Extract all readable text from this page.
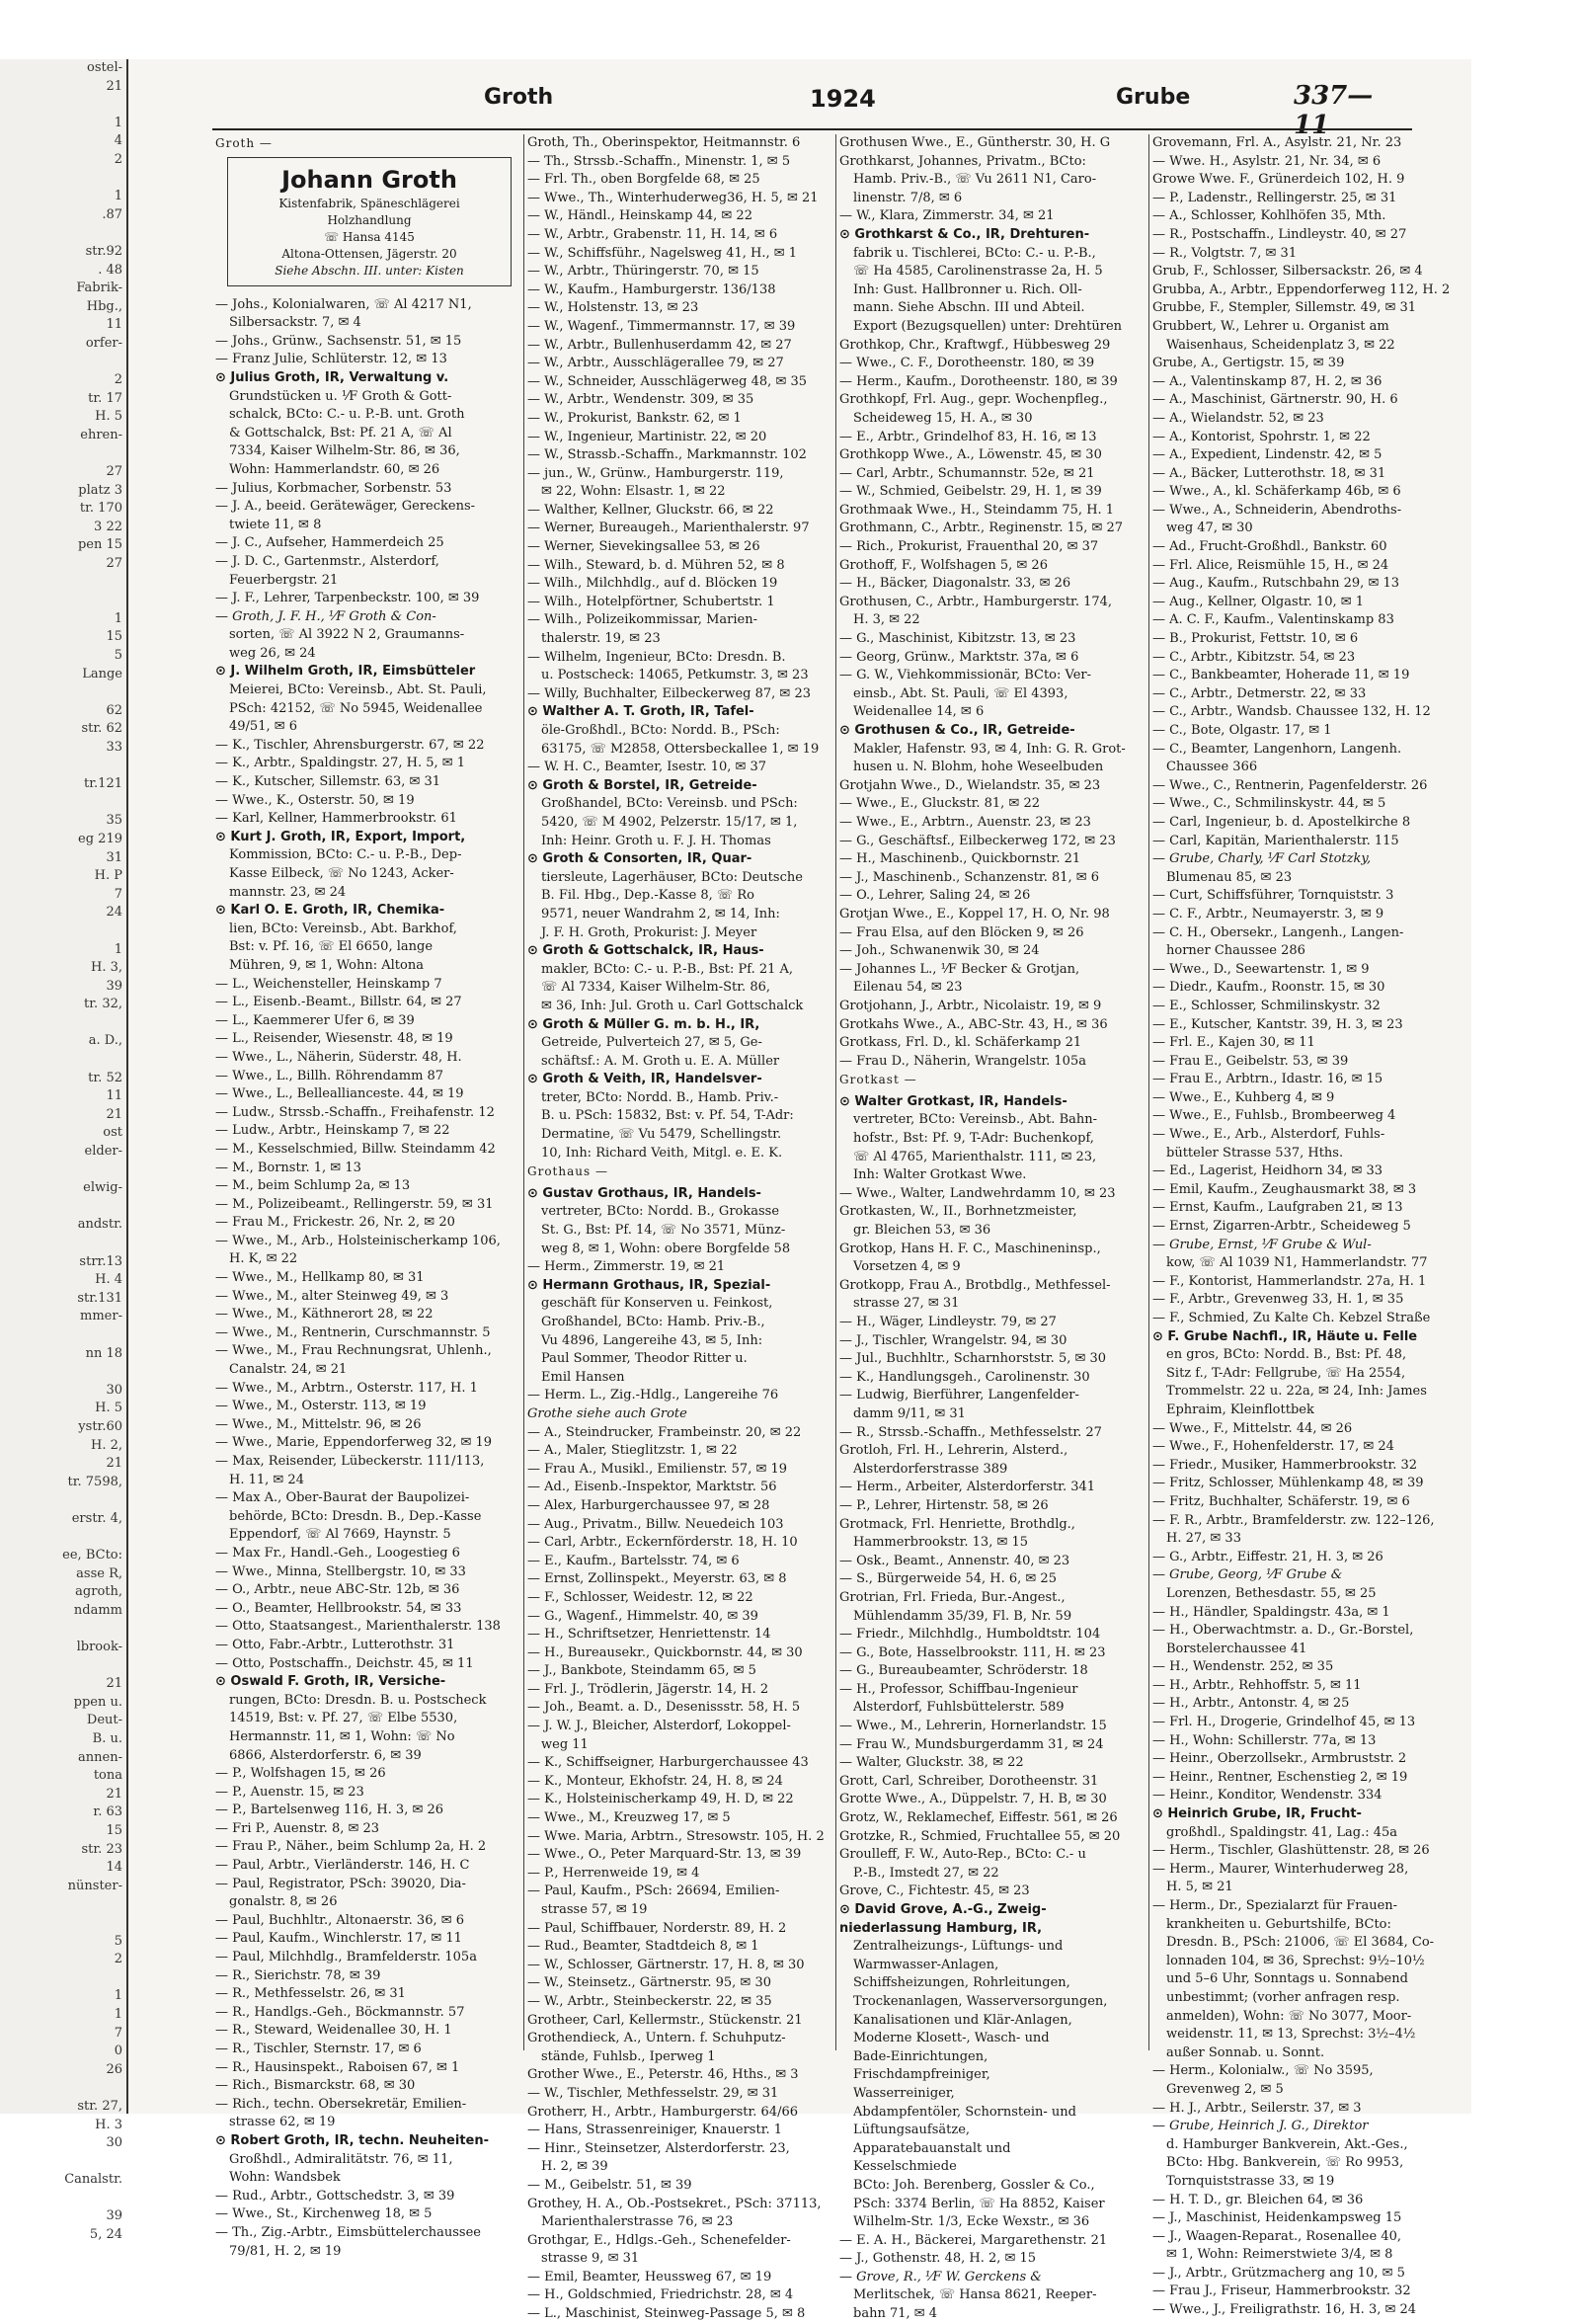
ostel-
21

1
4
2

1
.87

str.92
. 48
Fabrik-
Hbg.,
11
orfer-

2
tr. 17
H. 5
ehren-

27
platz 3
tr. 170
3 22
pen 15
27

1
15
5
Lange

62
str. 62
33

tr.121

35
eg 219
31
H. P
7
24

1
H. 3,
39
tr. 32,

a. D.,

tr. 52
11
21
ost
elder-

elwig-

andstr.

strr.13
H. 4
str.131
mmer-

nn 18

30
H. 5
ystr.60
H. 2,
21
tr. 7598,

erstr. 4,

ee, BCto:
asse R,
agroth,
ndamm

lbrook-

21
ppen u.
Deut-
B. u.
annen-
tona
21
r. 63
15
str. 23
14
nünster-

5
2

1
1
7
0
26

str. 27,
H. 3
30

Canalstr.

39
5, 24
Groth	1924	Grube	337—11
Groth —
Johann Groth
Kistenfabrik, Späneschlägerei
Holzhandlung
☏ Hansa 4145
Altona-Ottensen, Jägerstr. 20
Siehe Abschn. III. unter: Kisten
— Johs., Kolonialwaren, ☏ Al 4217 N1,
Silbersackstr. 7, ✉ 4
— Johs., Grünw., Sachsenstr. 51, ✉ 15
— Franz Julie, Schlüterstr. 12, ✉ 13
⊙ Julius Groth, IR, Verwaltung v.
Grundstücken u. ⅟F Groth & Gott-
schalck, BCto: C.- u. P.-B. unt. Groth
& Gottschalck, Bst: Pf. 21 A, ☏ Al
7334, Kaiser Wilhelm-Str. 86, ✉ 36,
Wohn: Hammerlandstr. 60, ✉ 26
— Julius, Korbmacher, Sorbenstr. 53
— J. A., beeid. Gerätewäger, Gereckens-
twiete 11, ✉ 8
— J. C., Aufseher, Hammerdeich 25
— J. D. C., Gartenmstr., Alsterdorf,
Feuerbergstr. 21
— J. F., Lehrer, Tarpenbeckstr. 100, ✉ 39
— Groth, J. F. H., ⅟F Groth & Con-
sorten, ☏ Al 3922 N 2, Graumanns-
weg 26, ✉ 24
⊙ J. Wilhelm Groth, IR, Eimsbütteler
Meierei, BCto: Vereinsb., Abt. St. Pauli,
PSch: 42152, ☏ No 5945, Weidenallee
49/51, ✉ 6
— K., Tischler, Ahrensburgerstr. 67, ✉ 22
— K., Arbtr., Spaldingstr. 27, H. 5, ✉ 1
— K., Kutscher, Sillemstr. 63, ✉ 31
— Wwe., K., Osterstr. 50, ✉ 19
— Karl, Kellner, Hammerbrookstr. 61
⊙ Kurt J. Groth, IR, Export, Import,
Kommission, BCto: C.- u. P.-B., Dep-
Kasse Eilbeck, ☏ No 1243, Acker-
mannstr. 23, ✉ 24
⊙ Karl O. E. Groth, IR, Chemika-
lien, BCto: Vereinsb., Abt. Barkhof,
Bst: v. Pf. 16, ☏ El 6650, lange
Mühren, 9, ✉ 1, Wohn: Altona
— L., Weichensteller, Heinskamp 7
— L., Eisenb.-Beamt., Billstr. 64, ✉ 27
— L., Kaemmerer Ufer 6, ✉ 39
— L., Reisender, Wiesenstr. 48, ✉ 19
— Wwe., L., Näherin, Süderstr. 48, H.
— Wwe., L., Billh. Röhrendamm 87
— Wwe., L., Belleallianceste. 44, ✉ 19
— Ludw., Strssb.-Schaffn., Freihafenstr. 12
— Ludw., Arbtr., Heinskamp 7, ✉ 22
— M., Kesselschmied, Billw. Steindamm 42
— M., Bornstr. 1, ✉ 13
— M., beim Schlump 2a, ✉ 13
— M., Polizeibeamt., Rellingerstr. 59, ✉ 31
— Frau M., Frickestr. 26, Nr. 2, ✉ 20
— Wwe., M., Arb., Holsteinischerkamp 106,
H. K, ✉ 22
— Wwe., M., Hellkamp 80, ✉ 31
— Wwe., M., alter Steinweg 49, ✉ 3
— Wwe., M., Käthnerort 28, ✉ 22
— Wwe., M., Rentnerin, Curschmannstr. 5
— Wwe., M., Frau Rechnungsrat, Uhlenh.,
Canalstr. 24, ✉ 21
— Wwe., M., Arbtrn., Osterstr. 117, H. 1
— Wwe., M., Osterstr. 113, ✉ 19
— Wwe., M., Mittelstr. 96, ✉ 26
— Wwe., Marie, Eppendorferweg 32, ✉ 19
— Max, Reisender, Lübeckerstr. 111/113,
H. 11, ✉ 24
— Max A., Ober-Baurat der Baupolizei-
behörde, BCto: Dresdn. B., Dep.-Kasse
Eppendorf, ☏ Al 7669, Haynstr. 5
— Max Fr., Handl.-Geh., Loogestieg 6
— Wwe., Minna, Stellbergstr. 10, ✉ 33
— O., Arbtr., neue ABC-Str. 12b, ✉ 36
— O., Beamter, Hellbrookstr. 54, ✉ 33
— Otto, Staatsangest., Marienthalerstr. 138
— Otto, Fabr.-Arbtr., Lutterothstr. 31
— Otto, Postschaffn., Deichstr. 45, ✉ 11
⊙ Oswald F. Groth, IR, Versiche-
rungen, BCto: Dresdn. B. u. Postscheck
14519, Bst: v. Pf. 27, ☏ Elbe 5530,
Hermannstr. 11, ✉ 1, Wohn: ☏ No
6866, Alsterdorferstr. 6, ✉ 39
— P., Wolfshagen 15, ✉ 26
— P., Auenstr. 15, ✉ 23
— P., Bartelsenweg 116, H. 3, ✉ 26
— Fri P., Auenstr. 8, ✉ 23
— Frau P., Näher., beim Schlump 2a, H. 2
— Paul, Arbtr., Vierländerstr. 146, H. C
— Paul, Registrator, PSch: 39020, Dia-
gonalstr. 8, ✉ 26
— Paul, Buchhltr., Altonaerstr. 36, ✉ 6
— Paul, Kaufm., Winchlerstr. 17, ✉ 11
— Paul, Milchhdlg., Bramfelderstr. 105a
— R., Sierichstr. 78, ✉ 39
— R., Methfesselstr. 26, ✉ 31
— R., Handlgs.-Geh., Böckmannstr. 57
— R., Steward, Weidenallee 30, H. 1
— R., Tischler, Sternstr. 17, ✉ 6
— R., Hausinspekt., Raboisen 67, ✉ 1
— Rich., Bismarckstr. 68, ✉ 30
— Rich., techn. Obersekretär, Emilien-
strasse 62, ✉ 19
⊙ Robert Groth, IR, techn. Neuheiten-
Großhdl., Admiralitätstr. 76, ✉ 11,
Wohn: Wandsbek
— Rud., Arbtr., Gottschedstr. 3, ✉ 39
— Wwe., St., Kirchenweg 18, ✉ 5
— Th., Zig.-Arbtr., Eimsbüttelerchaussee
79/81, H. 2, ✉ 19
Groth, Th., Oberinspektor, Heitmannstr. 6
— Th., Strssb.-Schaffn., Minenstr. 1, ✉ 5
— Frl. Th., oben Borgfelde 68, ✉ 25
— Wwe., Th., Winterhuderweg36, H. 5, ✉ 21
— W., Händl., Heinskamp 44, ✉ 22
— W., Arbtr., Grabenstr. 11, H. 14, ✉ 6
— W., Schiffsführ., Nagelsweg 41, H., ✉ 1
— W., Arbtr., Thüringerstr. 70, ✉ 15
— W., Kaufm., Hamburgerstr. 136/138
— W., Holstenstr. 13, ✉ 23
— W., Wagenf., Timmermannstr. 17, ✉ 39
— W., Arbtr., Bullenhuserdamm 42, ✉ 27
— W., Arbtr., Ausschlägerallee 79, ✉ 27
— W., Schneider, Ausschlägerweg 48, ✉ 35
— W., Arbtr., Wendenstr. 309, ✉ 35
— W., Prokurist, Bankstr. 62, ✉ 1
— W., Ingenieur, Martinistr. 22, ✉ 20
— W., Strassb.-Schaffn., Markmannstr. 102
— jun., W., Grünw., Hamburgerstr. 119,
✉ 22, Wohn: Elsastr. 1, ✉ 22
— Walther, Kellner, Gluckstr. 66, ✉ 22
— Werner, Bureaugeh., Marienthalerstr. 97
— Werner, Sievekingsallee 53, ✉ 26
— Wilh., Steward, b. d. Mühren 52, ✉ 8
— Wilh., Milchhdlg., auf d. Blöcken 19
— Wilh., Hotelpförtner, Schubertstr. 1
— Wilh., Polizeikommissar, Marien-
thalerstr. 19, ✉ 23
— Wilhelm, Ingenieur, BCto: Dresdn. B.
u. Postscheck: 14065, Petkumstr. 3, ✉ 23
— Willy, Buchhalter, Eilbeckerweg 87, ✉ 23
⊙ Walther A. T. Groth, IR, Tafel-
öle-Großhdl., BCto: Nordd. B., PSch:
63175, ☏ M2858, Ottersbeckallee 1, ✉ 19
— W. H. C., Beamter, Isestr. 10, ✉ 37
⊙ Groth & Borstel, IR, Getreide-
Großhandel, BCto: Vereinsb. und PSch:
5420, ☏ M 4902, Pelzerstr. 15/17, ✉ 1,
Inh: Heinr. Groth u. F. J. H. Thomas
⊙ Groth & Consorten, IR, Quar-
tiersleute, Lagerhäuser, BCto: Deutsche
B. Fil. Hbg., Dep.-Kasse 8, ☏ Ro
9571, neuer Wandrahm 2, ✉ 14, Inh:
J. F. H. Groth, Prokurist: J. Meyer
⊙ Groth & Gottschalck, IR, Haus-
makler, BCto: C.- u. P.-B., Bst: Pf. 21 A,
☏ Al 7334, Kaiser Wilhelm-Str. 86,
✉ 36, Inh: Jul. Groth u. Carl Gottschalck
⊙ Groth & Müller G. m. b. H., IR,
Getreide, Pulverteich 27, ✉ 5, Ge-
schäftsf.: A. M. Groth u. E. A. Müller
⊙ Groth & Veith, IR, Handelsver-
treter, BCto: Nordd. B., Hamb. Priv.-
B. u. PSch: 15832, Bst: v. Pf. 54, T-Adr:
Dermatine, ☏ Vu 5479, Schellingstr.
10, Inh: Richard Veith, Mitgl. e. E. K.
Grothaus —
⊙ Gustav Grothaus, IR, Handels-
vertreter, BCto: Nordd. B., Grokasse
St. G., Bst: Pf. 14, ☏ No 3571, Münz-
weg 8, ✉ 1, Wohn: obere Borgfelde 58
— Herm., Zimmerstr. 19, ✉ 21
⊙ Hermann Grothaus, IR, Spezial-
geschäft für Konserven u. Feinkost,
Großhandel, BCto: Hamb. Priv.-B.,
Vu 4896, Langereihe 43, ✉ 5, Inh:
Paul Sommer, Theodor Ritter u.
Emil Hansen
— Herm. L., Zig.-Hdlg., Langereihe 76
Grothe siehe auch Grote
— A., Steindrucker, Frambeinstr. 20, ✉ 22
— A., Maler, Stieglitzstr. 1, ✉ 22
— Frau A., Musikl., Emilienstr. 57, ✉ 19
— Ad., Eisenb.-Inspektor, Marktstr. 56
— Alex, Harburgerchaussee 97, ✉ 28
— Aug., Privatm., Billw. Neuedeich 103
— Carl, Arbtr., Eckernförderstr. 18, H. 10
— E., Kaufm., Bartelsstr. 74, ✉ 6
— Ernst, Zollinspekt., Meyerstr. 63, ✉ 8
— F., Schlosser, Weidestr. 12, ✉ 22
— G., Wagenf., Himmelstr. 40, ✉ 39
— H., Schriftsetzer, Henriettenstr. 14
— H., Bureausekr., Quickbornstr. 44, ✉ 30
— J., Bankbote, Steindamm 65, ✉ 5
— Frl. J., Trödlerin, Jägerstr. 14, H. 2
— Joh., Beamt. a. D., Desenissstr. 58, H. 5
— J. W. J., Bleicher, Alsterdorf, Lokoppel-
weg 11
— K., Schiffseigner, Harburgerchaussee 43
— K., Monteur, Ekhofstr. 24, H. 8, ✉ 24
— K., Holsteinischerkamp 49, H. D, ✉ 22
— Wwe., M., Kreuzweg 17, ✉ 5
— Wwe. Maria, Arbtrn., Stresowstr. 105, H. 2
— Wwe., O., Peter Marquard-Str. 13, ✉ 39
— P., Herrenweide 19, ✉ 4
— Paul, Kaufm., PSch: 26694, Emilien-
strasse 57, ✉ 19
— Paul, Schiffbauer, Norderstr. 89, H. 2
— Rud., Beamter, Stadtdeich 8, ✉ 1
— W., Schlosser, Gärtnerstr. 17, H. 8, ✉ 30
— W., Steinsetz., Gärtnerstr. 95, ✉ 30
— W., Arbtr., Steinbeckerstr. 22, ✉ 35
Grotheer, Carl, Kellermstr., Stückenstr. 21
Grothendieck, A., Untern. f. Schuhputz-
stände, Fuhlsb., Iperweg 1
Grother Wwe., E., Peterstr. 46, Hths., ✉ 3
— W., Tischler, Methfesselstr. 29, ✉ 31
Grotherr, H., Arbtr., Hamburgerstr. 64/66
— Hans, Strassenreiniger, Knauerstr. 1
— Hinr., Steinsetzer, Alsterdorferstr. 23,
H. 2, ✉ 39
— M., Geibelstr. 51, ✉ 39
Grothey, H. A., Ob.-Postsekret., PSch: 37113,
Marienthalerstrasse 76, ✉ 23
Grothgar, E., Hdlgs.-Geh., Schenefelder-
strasse 9, ✉ 31
— Emil, Beamter, Heussweg 67, ✉ 19
— H., Goldschmied, Friedrichstr. 28, ✉ 4
— L., Maschinist, Steinweg-Passage 5, ✉ 8
Grothusen Wwe., E., Güntherstr. 30, H. G
Grothkarst, Johannes, Privatm., BCto:
Hamb. Priv.-B., ☏ Vu 2611 N1, Caro-
linenstr. 7/8, ✉ 6
— W., Klara, Zimmerstr. 34, ✉ 21
⊙ Grothkarst & Co., IR, Drehturen-
fabrik u. Tischlerei, BCto: C.- u. P.-B.,
☏ Ha 4585, Carolinenstrasse 2a, H. 5
Inh: Gust. Hallbronner u. Rich. Oll-
mann. Siehe Abschn. III und Abteil.
Export (Bezugsquellen) unter: Drehtüren
Grothkop, Chr., Kraftwgf., Hübbesweg 29
— Wwe., C. F., Dorotheenstr. 180, ✉ 39
— Herm., Kaufm., Dorotheenstr. 180, ✉ 39
Grothkopf, Frl. Aug., gepr. Wochenpfleg.,
Scheideweg 15, H. A., ✉ 30
— E., Arbtr., Grindelhof 83, H. 16, ✉ 13
Grothkopp Wwe., A., Löwenstr. 45, ✉ 30
— Carl, Arbtr., Schumannstr. 52e, ✉ 21
— W., Schmied, Geibelstr. 29, H. 1, ✉ 39
Grothmaak Wwe., H., Steindamm 75, H. 1
Grothmann, C., Arbtr., Reginenstr. 15, ✉ 27
— Rich., Prokurist, Frauenthal 20, ✉ 37
Grothoff, F., Wolfshagen 5, ✉ 26
— H., Bäcker, Diagonalstr. 33, ✉ 26
Grothusen, C., Arbtr., Hamburgerstr. 174,
H. 3, ✉ 22
— G., Maschinist, Kibitzstr. 13, ✉ 23
— Georg, Grünw., Marktstr. 37a, ✉ 6
— G. W., Viehkommissionär, BCto: Ver-
einsb., Abt. St. Pauli, ☏ El 4393,
Weidenallee 14, ✉ 6
⊙ Grothusen & Co., IR, Getreide-
Makler, Hafenstr. 93, ✉ 4, Inh: G. R. Grot-
husen u. N. Blohm, hohe Weseelbuden
Grotjahn Wwe., D., Wielandstr. 35, ✉ 23
— Wwe., E., Gluckstr. 81, ✉ 22
— Wwe., E., Arbtrn., Auenstr. 23, ✉ 23
— G., Geschäftsf., Eilbeckerweg 172, ✉ 23
— H., Maschinenb., Quickbornstr. 21
— J., Maschinenb., Schanzenstr. 81, ✉ 6
— O., Lehrer, Saling 24, ✉ 26
Grotjan Wwe., E., Koppel 17, H. O, Nr. 98
— Frau Elsa, auf den Blöcken 9, ✉ 26
— Joh., Schwanenwik 30, ✉ 24
— Johannes L., ⅟F Becker & Grotjan,
Eilenau 54, ✉ 23
Grotjohann, J., Arbtr., Nicolaistr. 19, ✉ 9
Grotkahs Wwe., A., ABC-Str. 43, H., ✉ 36
Grotkass, Frl. D., kl. Schäferkamp 21
— Frau D., Näherin, Wrangelstr. 105a
Grotkast —
⊙ Walter Grotkast, IR, Handels-
vertreter, BCto: Vereinsb., Abt. Bahn-
hofstr., Bst: Pf. 9, T-Adr: Buchenkopf,
☏ Al 4765, Marienthalstr. 111, ✉ 23,
Inh: Walter Grotkast Wwe.
— Wwe., Walter, Landwehrdamm 10, ✉ 23
Grotkasten, W., II., Borhnetzmeister,
gr. Bleichen 53, ✉ 36
Grotkop, Hans H. F. C., Maschineninsp.,
Vorsetzen 4, ✉ 9
Grotkopp, Frau A., Brotbdlg., Methfessel-
strasse 27, ✉ 31
— H., Wäger, Lindleystr. 79, ✉ 27
— J., Tischler, Wrangelstr. 94, ✉ 30
— Jul., Buchhltr., Scharnhorststr. 5, ✉ 30
— K., Handlungsgeh., Carolinenstr. 30
— Ludwig, Bierführer, Langenfelder-
damm 9/11, ✉ 31
— R., Strssb.-Schaffn., Methfesselstr. 27
Grotloh, Frl. H., Lehrerin, Alsterd.,
Alsterdorferstrasse 389
— Herm., Arbeiter, Alsterdorferstr. 341
— P., Lehrer, Hirtenstr. 58, ✉ 26
Grotmack, Frl. Henriette, Brothdlg.,
Hammerbrookstr. 13, ✉ 15
— Osk., Beamt., Annenstr. 40, ✉ 23
— S., Bürgerweide 54, H. 6, ✉ 25
Grotrian, Frl. Frieda, Bur.-Angest.,
Mühlendamm 35/39, Fl. B, Nr. 59
— Friedr., Milchhdlg., Humboldtstr. 104
— G., Bote, Hasselbrookstr. 111, H. ✉ 23
— G., Bureaubeamter, Schröderstr. 18
— H., Professor, Schiffbau-Ingenieur
Alsterdorf, Fuhlsbüttelerstr. 589
— Wwe., M., Lehrerin, Hornerlandstr. 15
— Frau W., Mundsburgerdamm 31, ✉ 24
— Walter, Gluckstr. 38, ✉ 22
Grott, Carl, Schreiber, Dorotheenstr. 31
Grotte Wwe., A., Düppelstr. 7, H. B, ✉ 30
Grotz, W., Reklamechef, Eiffestr. 561, ✉ 26
Grotzke, R., Schmied, Fruchtallee 55, ✉ 20
Groulleff, F. W., Auto-Rep., BCto: C.- u
P.-B., Imstedt 27, ✉ 22
Grove, C., Fichtestr. 45, ✉ 23
⊙ David Grove, A.-G., Zweig-
niederlassung Hamburg, IR,
Zentralheizungs-, Lüftungs- und
Warmwasser-Anlagen,
Schiffsheizungen, Rohrleitungen,
Trockenanlagen, Wasserversorgungen,
Kanalisationen und Klär-Anlagen,
Moderne Klosett-, Wasch- und
Bade-Einrichtungen,
Frischdampfreiniger,
Wasserreiniger,
Abdampfentöler, Schornstein- und
Lüftungsaufsätze,
Apparatebauanstalt und
Kesselschmiede
BCto: Joh. Berenberg, Gossler & Co.,
PSch: 3374 Berlin, ☏ Ha 8852, Kaiser
Wilhelm-Str. 1/3, Ecke Wexstr., ✉ 36
— E. A. H., Bäckerei, Margarethenstr. 21
— J., Gothenstr. 48, H. 2, ✉ 15
— Grove, R., ⅟F W. Gerckens &
Merlitschek, ☏ Hansa 8621, Reeper-
bahn 71, ✉ 4
Grovemann, Frl. A., Asylstr. 21, Nr. 23
— Wwe. H., Asylstr. 21, Nr. 34, ✉ 6
Growe Wwe. F., Grünerdeich 102, H. 9
— P., Ladenstr., Rellingerstr. 25, ✉ 31
— A., Schlosser, Kohlhöfen 35, Mth.
— R., Postschaffn., Lindleystr. 40, ✉ 27
— R., Volgtstr. 7, ✉ 31
Grub, F., Schlosser, Silbersackstr. 26, ✉ 4
Grubba, A., Arbtr., Eppendorferweg 112, H. 2
Grubbe, F., Stempler, Sillemstr. 49, ✉ 31
Grubbert, W., Lehrer u. Organist am
Waisenhaus, Scheidenplatz 3, ✉ 22
Grube, A., Gertigstr. 15, ✉ 39
— A., Valentinskamp 87, H. 2, ✉ 36
— A., Maschinist, Gärtnerstr. 90, H. 6
— A., Wielandstr. 52, ✉ 23
— A., Kontorist, Spohrstr. 1, ✉ 22
— A., Expedient, Lindenstr. 42, ✉ 5
— A., Bäcker, Lutterothstr. 18, ✉ 31
— Wwe., A., kl. Schäferkamp 46b, ✉ 6
— Wwe., A., Schneiderin, Abendroths-
weg 47, ✉ 30
— Ad., Frucht-Großhdl., Bankstr. 60
— Frl. Alice, Reismühle 15, H., ✉ 24
— Aug., Kaufm., Rutschbahn 29, ✉ 13
— Aug., Kellner, Olgastr. 10, ✉ 1
— A. C. F., Kaufm., Valentinskamp 83
— B., Prokurist, Fettstr. 10, ✉ 6
— C., Arbtr., Kibitzstr. 54, ✉ 23
— C., Bankbeamter, Hoherade 11, ✉ 19
— C., Arbtr., Detmerstr. 22, ✉ 33
— C., Arbtr., Wandsb. Chaussee 132, H. 12
— C., Bote, Olgastr. 17, ✉ 1
— C., Beamter, Langenhorn, Langenh.
Chaussee 366
— Wwe., C., Rentnerin, Pagenfelderstr. 26
— Wwe., C., Schmilinskystr. 44, ✉ 5
— Carl, Ingenieur, b. d. Apostelkirche 8
— Carl, Kapitän, Marienthalerstr. 115
— Grube, Charly, ⅟F Carl Stotzky,
Blumenau 85, ✉ 23
— Curt, Schiffsführer, Tornquiststr. 3
— C. F., Arbtr., Neumayerstr. 3, ✉ 9
— C. H., Obersekr., Langenh., Langen-
horner Chaussee 286
— Wwe., D., Seewartenstr. 1, ✉ 9
— Diedr., Kaufm., Roonstr. 15, ✉ 30
— E., Schlosser, Schmilinskystr. 32
— E., Kutscher, Kantstr. 39, H. 3, ✉ 23
— Frl. E., Kajen 30, ✉ 11
— Frau E., Geibelstr. 53, ✉ 39
— Frau E., Arbtrn., Idastr. 16, ✉ 15
— Wwe., E., Kuhberg 4, ✉ 9
— Wwe., E., Fuhlsb., Brombeerweg 4
— Wwe., E., Arb., Alsterdorf, Fuhls-
bütteler Strasse 537, Hths.
— Ed., Lagerist, Heidhorn 34, ✉ 33
— Emil, Kaufm., Zeughausmarkt 38, ✉ 3
— Ernst, Kaufm., Laufgraben 21, ✉ 13
— Ernst, Zigarren-Arbtr., Scheideweg 5
— Grube, Ernst, ⅟F Grube & Wul-
kow, ☏ Al 1039 N1, Hammerlandstr. 77
— F., Kontorist, Hammerlandstr. 27a, H. 1
— F., Arbtr., Grevenweg 33, H. 1, ✉ 35
— F., Schmied, Zu Kalte Ch. Kebzel Straße
⊙ F. Grube Nachfl., IR, Häute u. Felle
en gros, BCto: Nordd. B., Bst: Pf. 48,
Sitz f., T-Adr: Fellgrube, ☏ Ha 2554,
Trommelstr. 22 u. 22a, ✉ 24, Inh: James
Ephraim, Kleinflottbek
— Wwe., F., Mittelstr. 44, ✉ 26
— Wwe., F., Hohenfelderstr. 17, ✉ 24
— Friedr., Musiker, Hammerbrookstr. 32
— Fritz, Schlosser, Mühlenkamp 48, ✉ 39
— Fritz, Buchhalter, Schäferstr. 19, ✉ 6
— F. R., Arbtr., Bramfelderstr. zw. 122–126,
H. 27, ✉ 33
— G., Arbtr., Eiffestr. 21, H. 3, ✉ 26
— Grube, Georg, ⅟F Grube &
Lorenzen, Bethesdastr. 55, ✉ 25
— H., Händler, Spaldingstr. 43a, ✉ 1
— H., Oberwachtmstr. a. D., Gr.-Borstel,
Borstelerchaussee 41
— H., Wendenstr. 252, ✉ 35
— H., Arbtr., Rehhoffstr. 5, ✉ 11
— H., Arbtr., Antonstr. 4, ✉ 25
— Frl. H., Drogerie, Grindelhof 45, ✉ 13
— H., Wohn: Schillerstr. 77a, ✉ 13
— Heinr., Oberzollsekr., Armbruststr. 2
— Heinr., Rentner, Eschenstieg 2, ✉ 19
— Heinr., Konditor, Wendenstr. 334
⊙ Heinrich Grube, IR, Frucht-
großhdl., Spaldingstr. 41, Lag.: 45a
— Herm., Tischler, Glashüttenstr. 28, ✉ 26
— Herm., Maurer, Winterhuderweg 28,
H. 5, ✉ 21
— Herm., Dr., Spezialarzt für Frauen-
krankheiten u. Geburtshilfe, BCto:
Dresdn. B., PSch: 21006, ☏ El 3684, Co-
lonnaden 104, ✉ 36, Sprechst: 9½–10½
und 5–6 Uhr, Sonntags u. Sonnabend
unbestimmt; (vorher anfragen resp.
anmelden), Wohn: ☏ No 3077, Moor-
weidenstr. 11, ✉ 13, Sprechst: 3½–4½
außer Sonnab. u. Sonnt.
— Herm., Kolonialw., ☏ No 3595,
Grevenweg 2, ✉ 5
— H. J., Arbtr., Seilerstr. 37, ✉ 3
— Grube, Heinrich J. G., Direktor
d. Hamburger Bankverein, Akt.-Ges.,
BCto: Hbg. Bankverein, ☏ Ro 9953,
Tornquiststrasse 33, ✉ 19
— H. T. D., gr. Bleichen 64, ✉ 36
— J., Maschinist, Heidenkampsweg 15
— J., Waagen-Reparat., Rosenallee 40,
✉ 1, Wohn: Reimerstwiete 3/4, ✉ 8
— J., Arbtr., Grützmacherg ang 10, ✉ 5
— Frau J., Friseur, Hammerbrookstr. 32
— Wwe., J., Freiligrathstr. 16, H. 3, ✉ 24
